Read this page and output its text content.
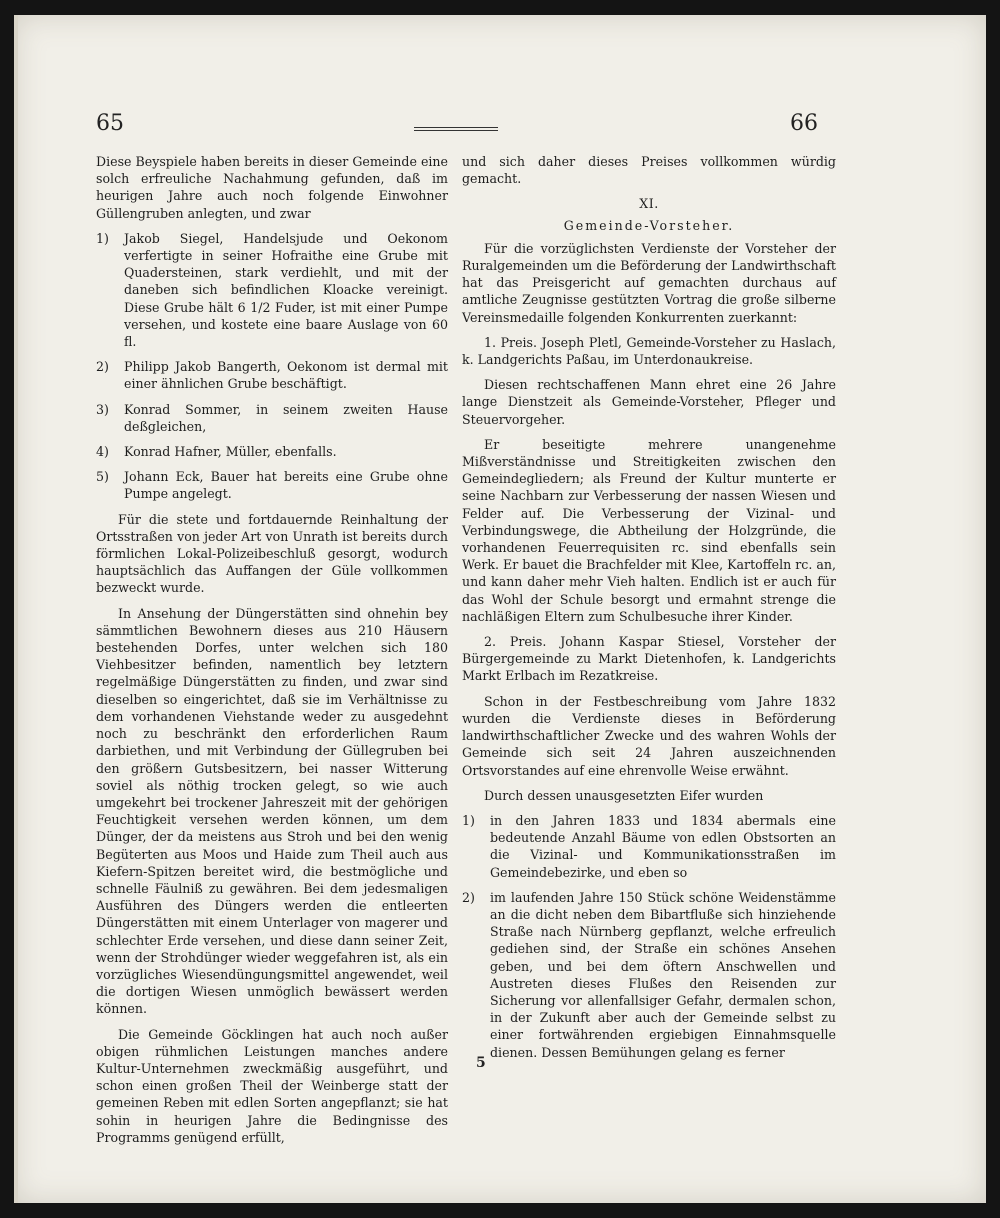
65	66

Diese Beyspiele haben bereits in dieser Gemeinde eine solch erfreuliche Nachahmung gefunden, daß im heurigen Jahre auch noch folgende Einwohner Güllengruben anlegten, und zwar

1)	Jakob Siegel, Handelsjude und Oekonom verfertigte in seiner Hofraithe eine Grube mit Quadersteinen, stark verdiehlt, und mit der daneben sich befindlichen Kloacke vereinigt. Diese Grube hält 6 1/2 Fuder, ist mit einer Pumpe versehen, und kostete eine baare Auslage von 60 fl.
2)	Philipp Jakob Bangerth, Oekonom ist dermal mit einer ähnlichen Grube beschäftigt.
3)	Konrad Sommer, in seinem zweiten Hause deßgleichen,
4)	Konrad Hafner, Müller, ebenfalls.
5)	Johann Eck, Bauer hat bereits eine Grube ohne Pumpe angelegt.

Für die stete und fortdauernde Reinhaltung der Ortsstraßen von jeder Art von Unrath ist bereits durch förmlichen Lokal-Polizeibeschluß gesorgt, wodurch hauptsächlich das Auffangen der Güle vollkommen bezweckt wurde.

In Ansehung der Düngerstätten sind ohnehin bey sämmtlichen Bewohnern dieses aus 210 Häusern bestehenden Dorfes, unter welchen sich 180 Viehbesitzer befinden, namentlich bey letztern regelmäßige Düngerstätten zu finden, und zwar sind dieselben so eingerichtet, daß sie im Verhältnisse zu dem vorhandenen Viehstande weder zu ausgedehnt noch zu beschränkt den erforderlichen Raum darbiethen, und mit Verbindung der Güllegruben bei den größern Gutsbesitzern, bei nasser Witterung soviel als nöthig trocken gelegt, so wie auch umgekehrt bei trockener Jahreszeit mit der gehörigen Feuchtigkeit versehen werden können, um dem Dünger, der da meistens aus Stroh und bei den wenig Begüterten aus Moos und Haide zum Theil auch aus Kiefern-Spitzen bereitet wird, die bestmögliche und schnelle Fäulniß zu gewähren. Bei dem jedesmaligen Ausführen des Düngers werden die entleerten Düngerstätten mit einem Unterlager von magerer und schlechter Erde versehen, und diese dann seiner Zeit, wenn der Strohdünger wieder weggefahren ist, als ein vorzügliches Wiesendüngungsmittel angewendet, weil die dortigen Wiesen unmöglich bewässert werden können.

Die Gemeinde Göcklingen hat auch noch außer obigen rühmlichen Leistungen manches andere Kultur-Unternehmen zweckmäßig ausgeführt, und schon einen großen Theil der Weinberge statt der gemeinen Reben mit edlen Sorten angepflanzt; sie hat sohin in heurigen Jahre die Bedingnisse des Programms genügend erfüllt,

und sich daher dieses Preises vollkommen würdig gemacht.

XI.
Gemeinde-Vorsteher.

Für die vorzüglichsten Verdienste der Vorsteher der Ruralgemeinden um die Beförderung der Landwirthschaft hat das Preisgericht auf gemachten durchaus auf amtliche Zeugnisse gestützten Vortrag die große silberne Vereinsmedaille folgenden Konkurrenten zuerkannt:

1. Preis. Joseph Pletl, Gemeinde-Vorsteher zu Haslach, k. Landgerichts Paßau, im Unterdonaukreise.

Diesen rechtschaffenen Mann ehret eine 26 Jahre lange Dienstzeit als Gemeinde-Vorsteher, Pfleger und Steuervorgeher.

Er beseitigte mehrere unangenehme Mißverständnisse und Streitigkeiten zwischen den Gemeindegliedern; als Freund der Kultur munterte er seine Nachbarn zur Verbesserung der nassen Wiesen und Felder auf. Die Verbesserung der Vizinal- und Verbindungswege, die Abtheilung der Holzgründe, die vorhandenen Feuerrequisiten rc. sind ebenfalls sein Werk. Er bauet die Brachfelder mit Klee, Kartoffeln rc. an, und kann daher mehr Vieh halten. Endlich ist er auch für das Wohl der Schule besorgt und ermahnt strenge die nachläßigen Eltern zum Schulbesuche ihrer Kinder.

2. Preis. Johann Kaspar Stiesel, Vorsteher der Bürgergemeinde zu Markt Dietenhofen, k. Landgerichts Markt Erlbach im Rezatkreise.

Schon in der Festbeschreibung vom Jahre 1832 wurden die Verdienste dieses in Beförderung landwirthschaftlicher Zwecke und des wahren Wohls der Gemeinde sich seit 24 Jahren auszeichnenden Ortsvorstandes auf eine ehrenvolle Weise erwähnt.

Durch dessen unausgesetzten Eifer wurden

1)	in den Jahren 1833 und 1834 abermals eine bedeutende Anzahl Bäume von edlen Obstsorten an die Vizinal- und Kommunikationsstraßen im Gemeindebezirke, und eben so
2)	im laufenden Jahre 150 Stück schöne Weidenstämme an die dicht neben dem Bibartfluße sich hinziehende Straße nach Nürnberg gepflanzt, welche erfreulich gediehen sind, der Straße ein schönes Ansehen geben, und bei dem öftern Anschwellen und Austreten dieses Flußes den Reisenden zur Sicherung vor allenfallsiger Gefahr, dermalen schon, in der Zukunft aber auch der Gemeinde selbst zu einer fortwährenden ergiebigen Einnahmsquelle dienen. Dessen Bemühungen gelang es ferner
5
